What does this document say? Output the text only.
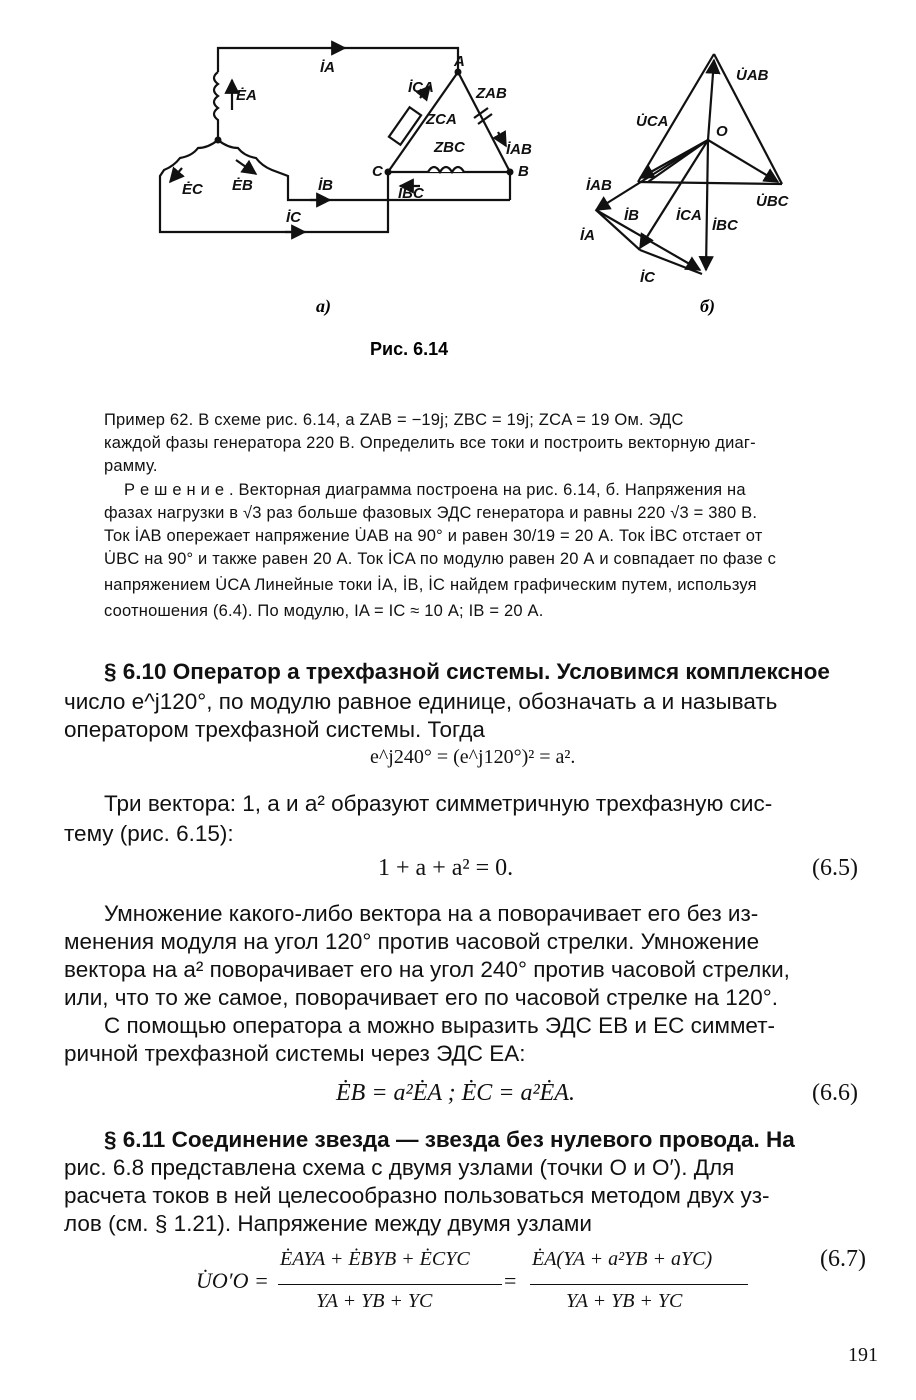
Рис. 6.14
а)	б)
İA
ĖA
ĖC ĖB	İB
İC
A
B
C
İCA	ZAB
ZCA
ZBC	İAB
İBC
U̇AB
U̇CA
O
İAB
U̇BC
İB İCA
İBC
İA
İC
Пример 62. В схеме рис. 6.14, а ZAB = −19j; ZBC = 19j; ZCA = 19 Ом. ЭДС
каждой фазы генератора 220 В. Определить все токи и построить векторную диаг-
рамму.
Р е ш е н и е . Векторная диаграмма построена на рис. 6.14, б. Напряжения на
фазах нагрузки в √3 раз больше фазовых ЭДС генератора и равны 220 √3 = 380 В.
Ток İAB опережает напряжение U̇AB на 90° и равен 30/19 = 20 А. Ток İBC отстает от
U̇BC на 90° и также равен 20 А. Ток İCA по модулю равен 20 А и совпадает по фазе с
напряжением U̇CA Линейные токи İA, İB, İC найдем графическим путем, используя
соотношения (6.4). По модулю, IA = IC ≈ 10 А; IB = 20 А.
§ 6.10 Оператор a трехфазной системы. Условимся комплексное
число e^j120°, по модулю равное единице, обозначать a и называть
оператором трехфазной системы. Тогда
e^j240° = (e^j120°)² = a².
Три вектора: 1, a и a² образуют симметричную трехфазную сис-
тему (рис. 6.15):
1 + a + a² = 0.	(6.5)
Умножение какого-либо вектора на a поворачивает его без из-
менения модуля на угол 120° против часовой стрелки. Умножение
вектора на a² поворачивает его на угол 240° против часовой стрелки,
или, что то же самое, поворачивает его по часовой стрелке на 120°.
С помощью оператора a можно выразить ЭДС EB и EC симмет-
ричной трехфазной системы через ЭДС EA:
ĖB = a²ĖA ; ĖC = a²ĖA.	(6.6)
§ 6.11 Соединение звезда — звезда без нулевого провода. На
рис. 6.8 представлена схема с двумя узлами (точки O и O′). Для
расчета токов в ней целесообразно пользоваться методом двух уз-
лов (см. § 1.21). Напряжение между двумя узлами
U̇O′O =
ĖAYA + ĖBYB + ĖCYC
YA + YB + YC
=
ĖA(YA + a²YB + aYC)
YA + YB + YC
(6.7)
191
